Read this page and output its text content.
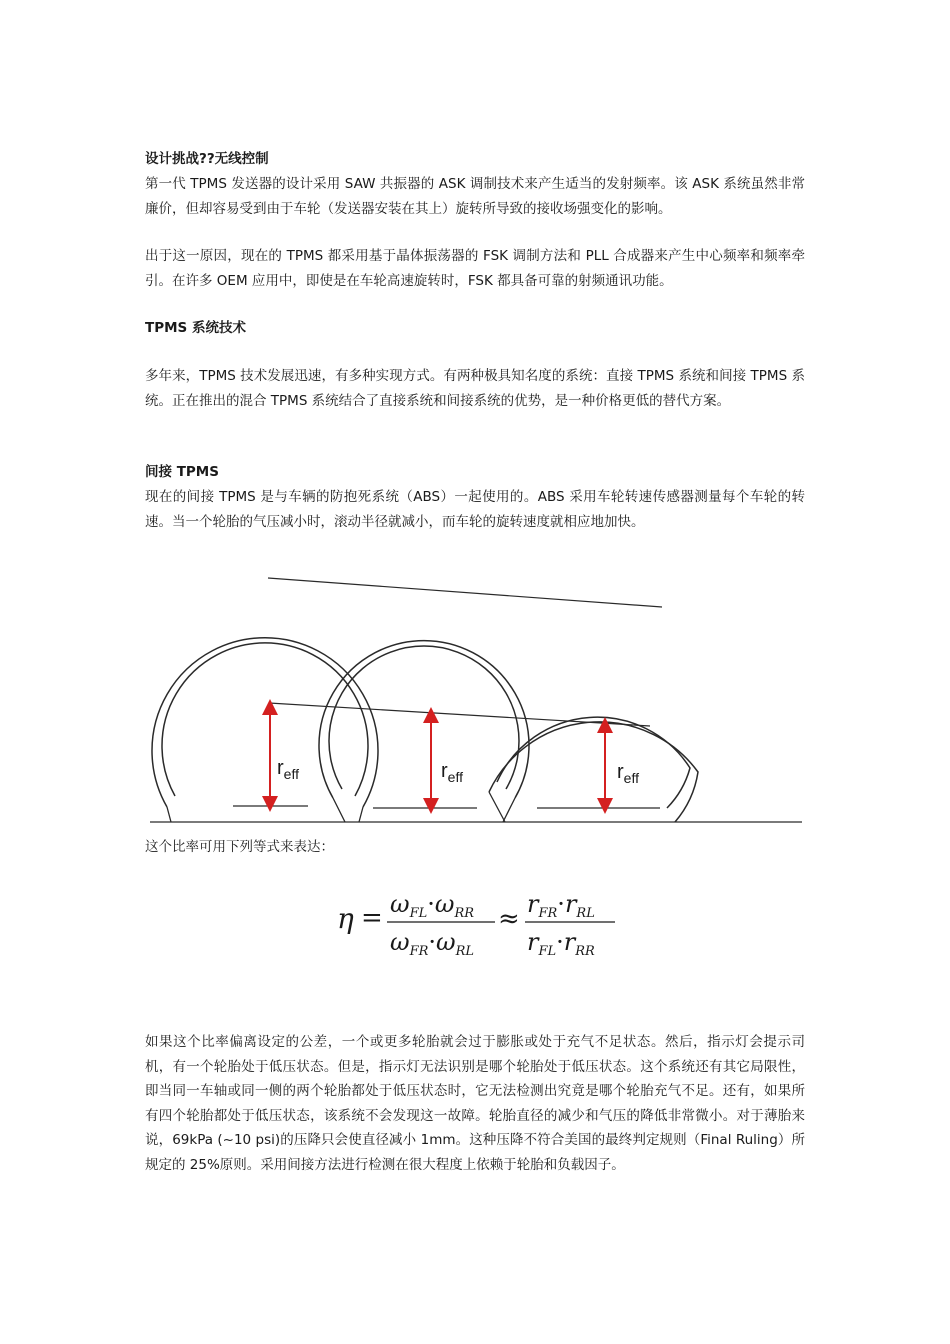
设计挑战??无线控制

第一代 TPMS 发送器的设计采用 SAW 共振器的 ASK 调制技术来产生适当的发射频率。该 ASK 系统虽然非常廉价，但却容易受到由于车轮（发送器安装在其上）旋转所导致的接收场强变化的影响。

出于这一原因，现在的 TPMS 都采用基于晶体振荡器的 FSK 调制方法和 PLL 合成器来产生中心频率和频率牵引。在许多 OEM 应用中，即使是在车轮高速旋转时，FSK 都具备可靠的射频通讯功能。

TPMS 系统技术

多年来，TPMS 技术发展迅速，有多种实现方式。有两种极具知名度的系统：直接 TPMS 系统和间接 TPMS 系统。正在推出的混合 TPMS 系统结合了直接系统和间接系统的优势，是一种价格更低的替代方案。

间接 TPMS

现在的间接 TPMS 是与车辆的防抱死系统（ABS）一起使用的。ABS 采用车轮转速传感器测量每个车轮的转速。当一个轮胎的气压减小时，滚动半径就减小，而车轮的旋转速度就相应地加快。

$r_{eff}$	$r_{eff}$	$r_{eff}$

这个比率可用下列等式来表达：

$\eta = \omega_{FL}\cdot\omega_{RR}$
$\omega_{FR}\cdot\omega_{RL}$
≈ $r_{FR}\cdot r_{RL}$
$r_{FL}\cdot r_{RR}$

如果这个比率偏离设定的公差，一个或更多轮胎就会过于膨胀或处于充气不足状态。然后，指示灯会提示司机，有一个轮胎处于低压状态。但是，指示灯无法识别是哪个轮胎处于低压状态。这个系统还有其它局限性，即当同一车轴或同一侧的两个轮胎都处于低压状态时，它无法检测出究竟是哪个轮胎充气不足。还有，如果所有四个轮胎都处于低压状态，该系统不会发现这一故障。轮胎直径的减少和气压的降低非常微小。对于薄胎来说，69kPa (~10 psi)的压降只会使直径减小 1mm。这种压降不符合美国的最终判定规则（Final Ruling）所规定的 25%原则。采用间接方法进行检测在很大程度上依赖于轮胎和负载因子。
